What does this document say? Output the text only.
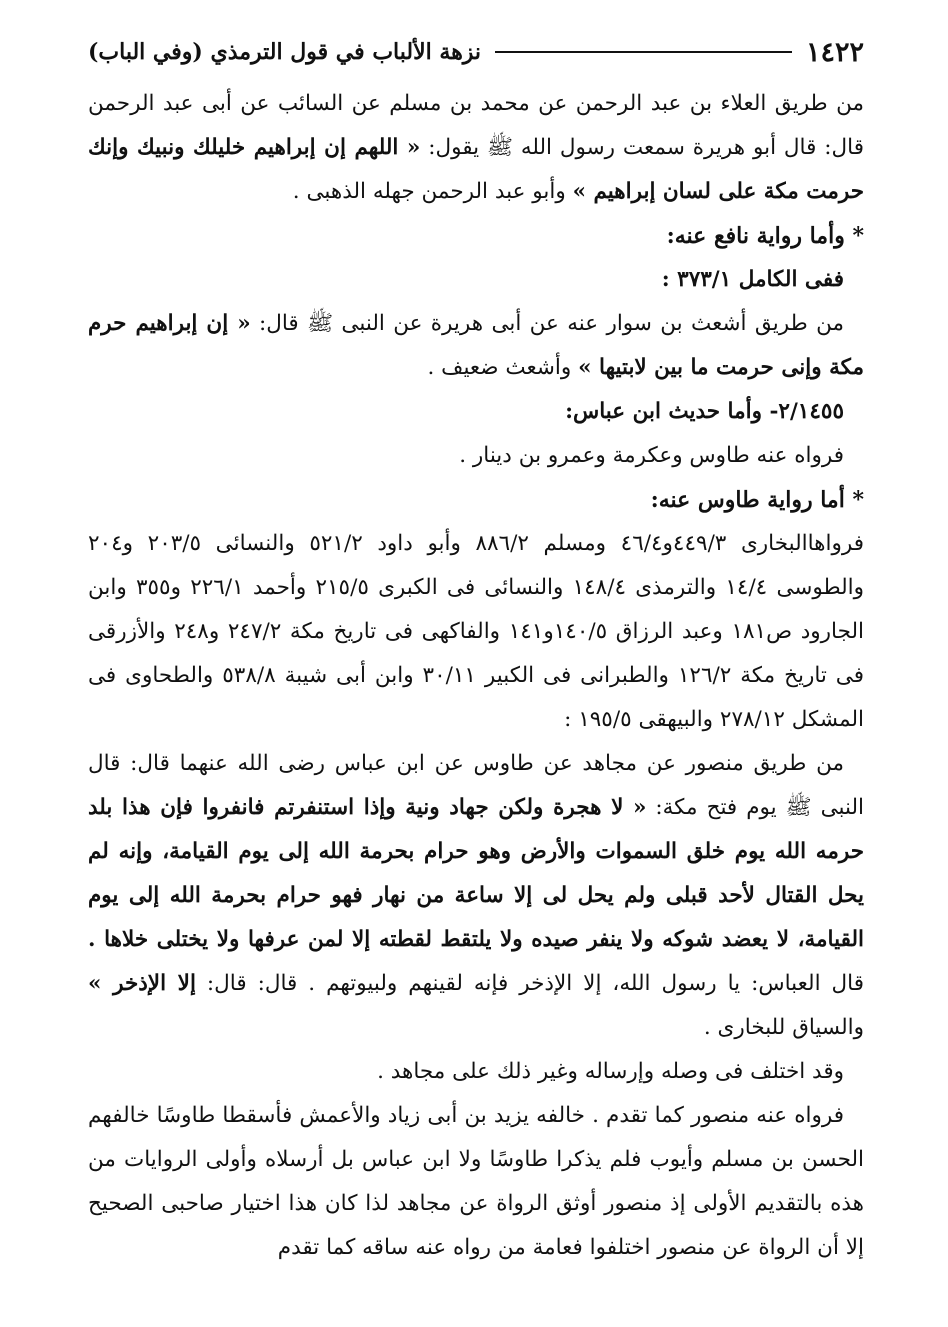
١٤٢٢
نزهة الألباب في قول الترمذي (وفي الباب)

من طريق العلاء بن عبد الرحمن عن محمد بن مسلم عن السائب عن أبى عبد الرحمن قال: قال أبو هريرة سمعت رسول الله ﷺ يقول: « اللهم إن إبراهيم خليلك ونبيك وإنك حرمت مكة على لسان إبراهيم » وأبو عبد الرحمن جهله الذهبى .

* وأما رواية نافع عنه:

ففى الكامل ٣٧٣/١ :

من طريق أشعث بن سوار عنه عن أبى هريرة عن النبى ﷺ قال: « إن إبراهيم حرم مكة وإنى حرمت ما بين لابتيها » وأشعث ضعيف .

٢/١٤٥٥- وأما حديث ابن عباس:

فرواه عنه طاوس وعكرمة وعمرو بن دينار .

* أما رواية طاوس عنه:

فرواهاالبخارى ٤٤٩/٣و٤٦/٤ ومسلم ٨٨٦/٢ وأبو داود ٥٢١/٢ والنسائى ٢٠٣/٥ و٢٠٤ والطوسى ١٤/٤ والترمذى ١٤٨/٤ والنسائى فى الكبرى ٢١٥/٥ وأحمد ٢٢٦/١ و٣٥٥ وابن الجارود ص١٨١ وعبد الرزاق ١٤٠/٥و١٤١ والفاكهى فى تاريخ مكة ٢٤٧/٢ و٢٤٨ والأزرقى فى تاريخ مكة ١٢٦/٢ والطبرانى فى الكبير ٣٠/١١ وابن أبى شيبة ٥٣٨/٨ والطحاوى فى المشكل ٢٧٨/١٢ والبيهقى ١٩٥/٥ :

من طريق منصور عن مجاهد عن طاوس عن ابن عباس رضى الله عنهما قال: قال النبى ﷺ يوم فتح مكة: « لا هجرة ولكن جهاد ونية وإذا استنفرتم فانفروا فإن هذا بلد حرمه الله يوم خلق السموات والأرض وهو حرام بحرمة الله إلى يوم القيامة، وإنه لم يحل القتال لأحد قبلى ولم يحل لى إلا ساعة من نهار فهو حرام بحرمة الله إلى يوم القيامة، لا يعضد شوكه ولا ينفر صيده ولا يلتقط لقطته إلا لمن عرفها ولا يختلى خلاها . قال العباس: يا رسول الله، إلا الإذخر فإنه لقينهم ولبيوتهم . قال: قال: إلا الإذخر » والسياق للبخارى .

وقد اختلف فى وصله وإرساله وغير ذلك على مجاهد .

فرواه عنه منصور كما تقدم . خالفه يزيد بن أبى زياد والأعمش فأسقطا طاوسًا خالفهم الحسن بن مسلم وأيوب فلم يذكرا طاوسًا ولا ابن عباس بل أرسلاه وأولى الروايات من هذه بالتقديم الأولى إذ منصور أوثق الرواة عن مجاهد لذا كان هذا اختيار صاحبى الصحيح إلا أن الرواة عن منصور اختلفوا فعامة من رواه عنه ساقه كما تقدم
